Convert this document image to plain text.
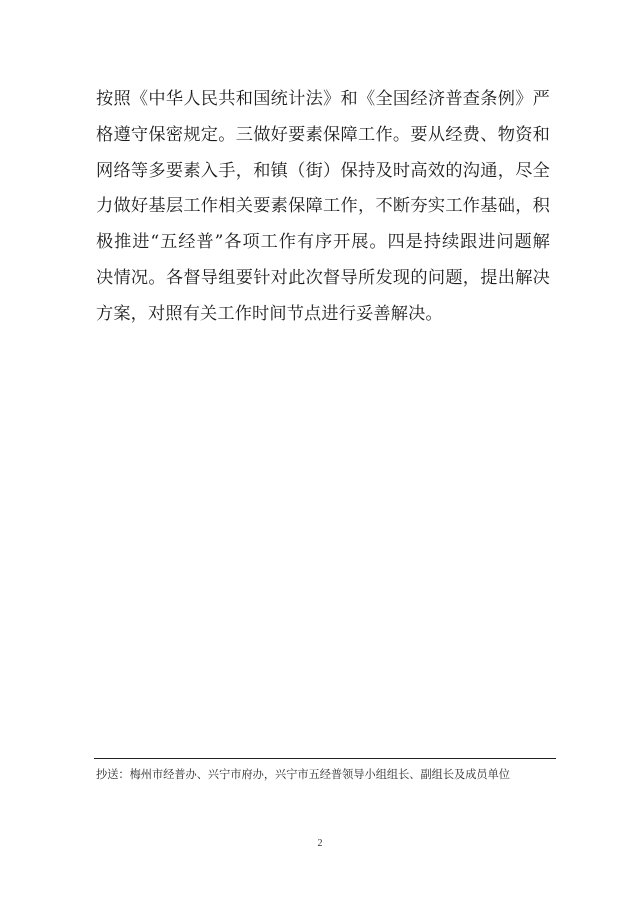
按照《中华人民共和国统计法》和《全国经济普查条例》严
格遵守保密规定。三做好要素保障工作。要从经费、物资和
网络等多要素入手，和镇（街）保持及时高效的沟通，尽全
力做好基层工作相关要素保障工作，不断夯实工作基础，积
极推进“五经普”各项工作有序开展。四是持续跟进问题解
决情况。各督导组要针对此次督导所发现的问题，提出解决
方案，对照有关工作时间节点进行妥善解决。
抄送：梅州市经普办、兴宁市府办，兴宁市五经普领导小组组长、副组长及成员单位
2
